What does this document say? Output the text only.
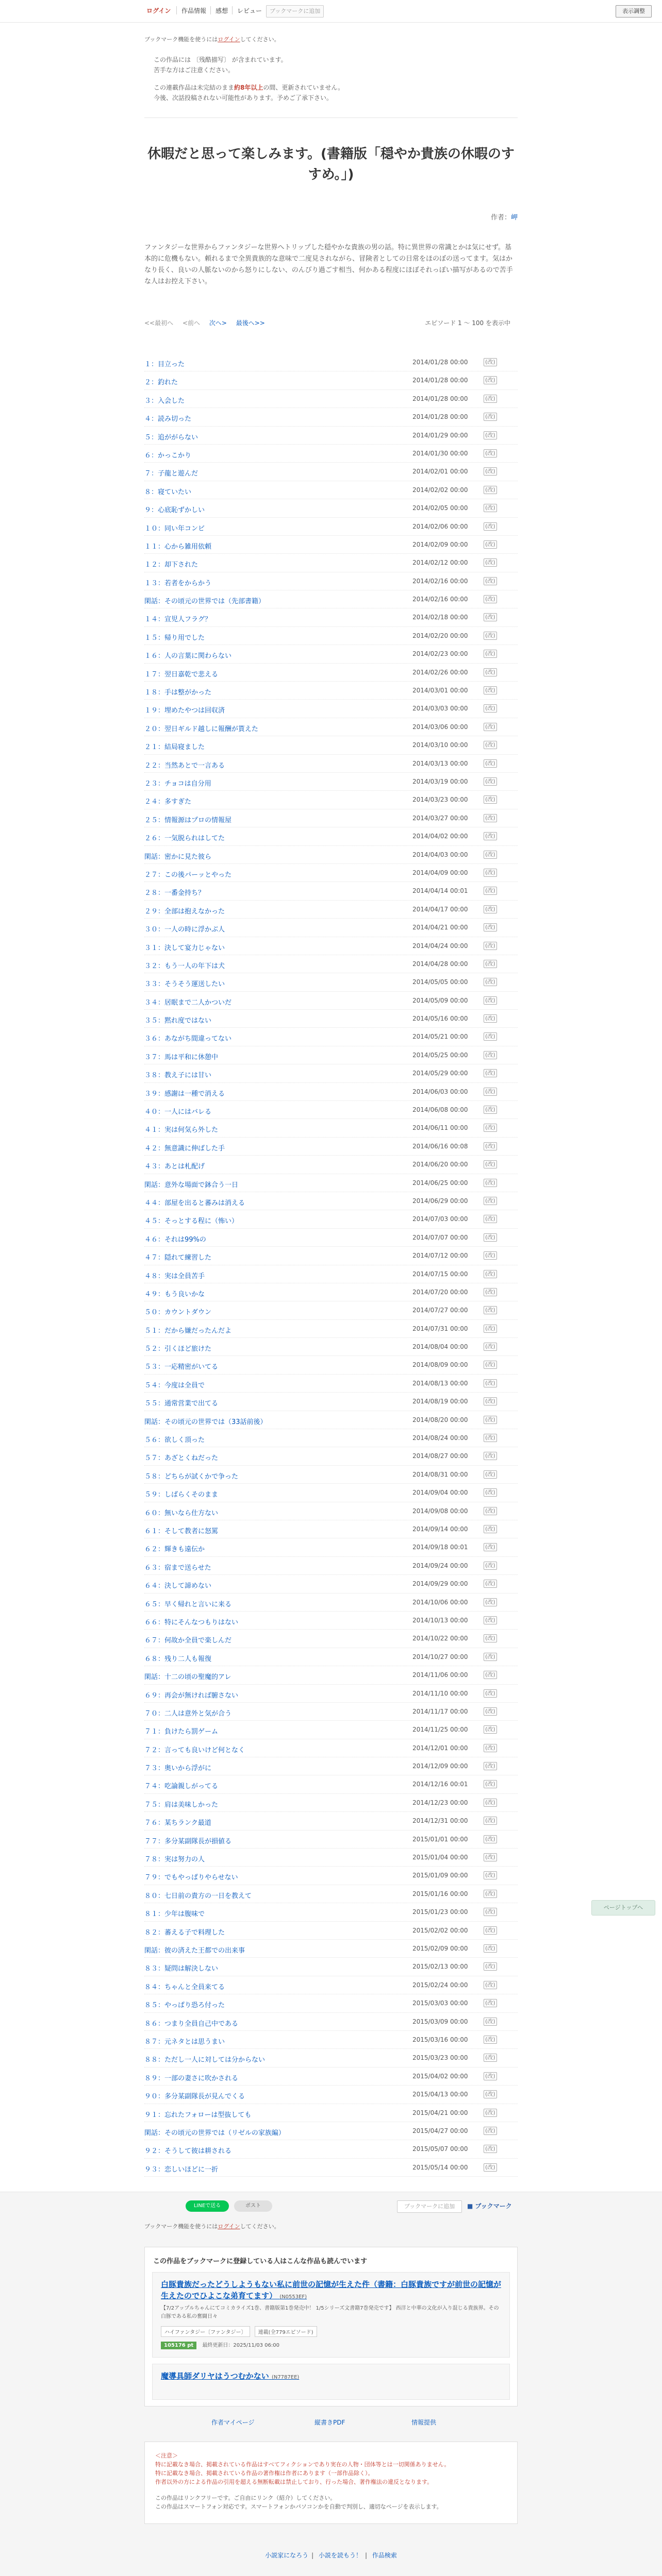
ログイン	作品情報	感想	レビュー	ブックマークに追加	表示調整
ブックマーク機能を使うにはログインしてください。
この作品には 〔残酷描写〕 が含まれています。
苦手な方はご注意ください。
この連載作品は未完結のまま約8年以上の間、更新されていません。
今後、次話投稿されない可能性があります。予めご了承下さい。
休暇だと思って楽しみます。(書籍版「穏やか貴族の休暇のすすめ。」)
作者：岬
ファンタジーな世界からファンタジーな世界へトリップした穏やかな貴族の男の話。特に異世界の常識とかは気にせず。基本的に危機もない。頼れるまで全異貴族的な意味で二度見されながら、冒険者としての日常をほのぼの送ってます。気はかなり長く、良いの人脈ないのから怒りにしない、のんびり過ごす相当、何かある程度にほぼそれっぽい描写があるので苦手な人はお控え下さい。
<<最初へ <前へ 次へ> 最後へ>>	エピソード 1 ～ 100 を表示中
１：目立った	2014/01/28 00:00	(改)
２：釣れた	2014/01/28 00:00	(改)
３：入会した	2014/01/28 00:00	(改)
４：読み切った	2014/01/28 00:00	(改)
５：追ががらない	2014/01/29 00:00	(改)
６：かっこかり	2014/01/30 00:00	(改)
７：子龍と遊んだ	2014/02/01 00:00	(改)
８：寝ていたい	2014/02/02 00:00	(改)
９：心底恥ずかしい	2014/02/05 00:00	(改)
１０：同い年コンビ	2014/02/06 00:00	(改)
１１：心から雑用依頼	2014/02/09 00:00	(改)
１２：却下された	2014/02/12 00:00	(改)
１３：若者をからかう	2014/02/16 00:00	(改)
閑話：その頃元の世界では（先部書籍）	2014/02/16 00:00	(改)
１４：宣児人フラグ？	2014/02/18 00:00	(改)
１５：帰り用でした	2014/02/20 00:00	(改)
１６：人の言葉に関わらない	2014/02/23 00:00	(改)
１７：翌日嘉乾で悲える	2014/02/26 00:00	(改)
１８：手は整がかった	2014/03/01 00:00	(改)
１９：埋めたやつは回収済	2014/03/03 00:00	(改)
２０：翌日ギルド越しに報酬が貰えた	2014/03/06 00:00	(改)
２１：結局寝ました	2014/03/10 00:00	(改)
２２：当然あとで一言ある	2014/03/13 00:00	(改)
２３：チョコは自分用	2014/03/19 00:00	(改)
２４：多すぎた	2014/03/23 00:00	(改)
２５：情報源はプロの情報屋	2014/03/27 00:00	(改)
２６：一気脱られはしてた	2014/04/02 00:00	(改)
閑話：密かに見た彼ら	2014/04/03 00:00	(改)
２７：この後パーッとやった	2014/04/09 00:00	(改)
２８：一番金持ち？	2014/04/14 00:01	(改)
２９：全部は抱えなかった	2014/04/17 00:00	(改)
３０：一人の時に浮かぶ人	2014/04/21 00:00	(改)
３１：決して宴力じゃない	2014/04/24 00:00	(改)
３２：もう一人の年下は犬	2014/04/28 00:00	(改)
３３：そうそう運送したい	2014/05/05 00:00	(改)
３４：居眠まで二人かついだ	2014/05/09 00:00	(改)
３５：黙れ度ではない	2014/05/16 00:00	(改)
３６：あながち間違ってない	2014/05/21 00:00	(改)
３７：馬は平和に休憩中	2014/05/25 00:00	(改)
３８：教え子には甘い	2014/05/29 00:00	(改)
３９：感謝は一種で消える	2014/06/03 00:00	(改)
４０：一人にはバレる	2014/06/08 00:00	(改)
４１：実は何気ら外した	2014/06/11 00:00	(改)
４２：無意識に伸ばした手	2014/06/16 00:08	(改)
４３：あとは札配げ	2014/06/20 00:00	(改)
閑話：意外な場面で鉢合う一日	2014/06/25 00:00	(改)
４４：部屋を出ると蕃みは消える	2014/06/29 00:00	(改)
４５：そっとする程に（怖い）	2014/07/03 00:00	(改)
４６：それは99%の	2014/07/07 00:00	(改)
４７：隠れて練習した	2014/07/12 00:00	(改)
４８：実は全員苦手	2014/07/15 00:00	(改)
４９：もう良いかな	2014/07/20 00:00	(改)
５０：カウントダウン	2014/07/27 00:00	(改)
５１：だから嫌だったんだよ	2014/07/31 00:00	(改)
５２：引くほど旅けた	2014/08/04 00:00	(改)
５３：一応精密がいてる	2014/08/09 00:00	(改)
５４：今度は全員で	2014/08/13 00:00	(改)
５５：通常営業で出てる	2014/08/19 00:00	(改)
閑話：その頃元の世界では（33話前後）	2014/08/20 00:00	(改)
５６：欲しく頂った	2014/08/24 00:00	(改)
５７：あざとくねだった	2014/08/27 00:00	(改)
５８：どちらが試くかで争った	2014/08/31 00:00	(改)
５９：しばらくそのまま	2014/09/04 00:00	(改)
６０：無いなら仕方ない	2014/09/08 00:00	(改)
６１：そして教者に怒罵	2014/09/14 00:00	(改)
６２：輝きも遠伝か	2014/09/18 00:01	(改)
６３：宿まで送らせた	2014/09/24 00:00	(改)
６４：決して諦めない	2014/09/29 00:00	(改)
６５：早く帰れと言いに来る	2014/10/06 00:00	(改)
６６：特にそんなつもりはない	2014/10/13 00:00	(改)
６７：何故か全員で楽しんだ	2014/10/22 00:00	(改)
６８：残り二人も報復	2014/10/27 00:00	(改)
閑話：十二の頃の聖魔的アレ	2014/11/06 00:00	(改)
６９：再会が無ければ腑さない	2014/11/10 00:00	(改)
７０：二人は意外と気が合う	2014/11/17 00:00	(改)
７１：負けたら罰ゲーム	2014/11/25 00:00	(改)
７２：言っても良いけど何となく	2014/12/01 00:00	(改)
７３：奥いから浮がに	2014/12/09 00:00	(改)
７４：吃論親しがってる	2014/12/16 00:01	(改)
７５：肩は美味しかった	2014/12/23 00:00	(改)
７６：某ちランク最道	2014/12/31 00:00	(改)
７７：多分某副隊長が損値る	2015/01/01 00:00	(改)
７８：実は努力の人	2015/01/04 00:00	(改)
７９：でもやっぱりやらせない	2015/01/09 00:00	(改)
８０：七日前の貴方の一日を教えて	2015/01/16 00:00	(改)
８１：少年は腹味で	2015/01/23 00:00	(改)
８２：蕃える子で料理した	2015/02/02 00:00	(改)
閑話：彼の済えた王都での出来事	2015/02/09 00:00	(改)
８３：疑問は解決しない	2015/02/13 00:00	(改)
８４：ちゃんと全員来てる	2015/02/24 00:00	(改)
８５：やっぱり恐ろ付った	2015/03/03 00:00	(改)
８６：つまり全員自己中である	2015/03/09 00:00	(改)
８７：元ネタとは思うまい	2015/03/16 00:00	(改)
８８：ただし一人に対しては分からない	2015/03/23 00:00	(改)
８９：一部の妻さに吹かされる	2015/04/02 00:00	(改)
９０：多分某副隊長が見んでくる	2015/04/13 00:00	(改)
９１：忘れたフォローは型抜しても	2015/04/21 00:00	(改)
閑話：その頃元の世界では（リゼルの家族編）	2015/04/27 00:00	(改)
９２：そうして彼は耕される	2015/05/07 00:00	(改)
９３：恋しいほどに一折	2015/05/14 00:00	(改)
ページトップへ
LINEで送る	ポスト	ブックマークに追加	■ ブックマーク
ブックマーク機能を使うにはログインしてください。
この作品をブックマークに登録している人はこんな作品も読んでいます
白豚貴族だったどうしようもない私に前世の記憶が生えた件（書籍：白豚貴族ですが前世の記憶が生えたのでひよこな弟育てます） (N0553EF)
【7/2アップルちゃんにてコミカライズ1巻、書籍版第1巻発売中！ 1/5シリーズ文書籍7巻発売です】 西洋と中華の文化が入り混じる貴族界。その白豚である私の奮闘日々
ハイファンタジー〔ファンタジー〕 連載(全779エピソード)
105176 pt 最終更新日：2025/11/03 06:00
魔導具師ダリヤはうつむかない (N7787EE)
作者マイページ	縦書きPDF	情報提供
＜注意＞
特に記載なき場合、掲載されている作品はすべてフィクションであり実在の人物・団体等とは一切関係ありません。
特に記載なき場合、掲載されている作品の著作権は作者にあります（一部作品除く）。
作者以外の方による作品の引用を超える無断転載は禁止しており、行った場合、著作権法の違反となります。
この作品はリンクフリーです。ご自由にリンク（紹介）してください。
この作品はスマートフォン対応です。スマートフォンかパソコンかを自動で判別し、適切なページを表示します。
小説家になろう | 小説を読もう！ | 作品検索
